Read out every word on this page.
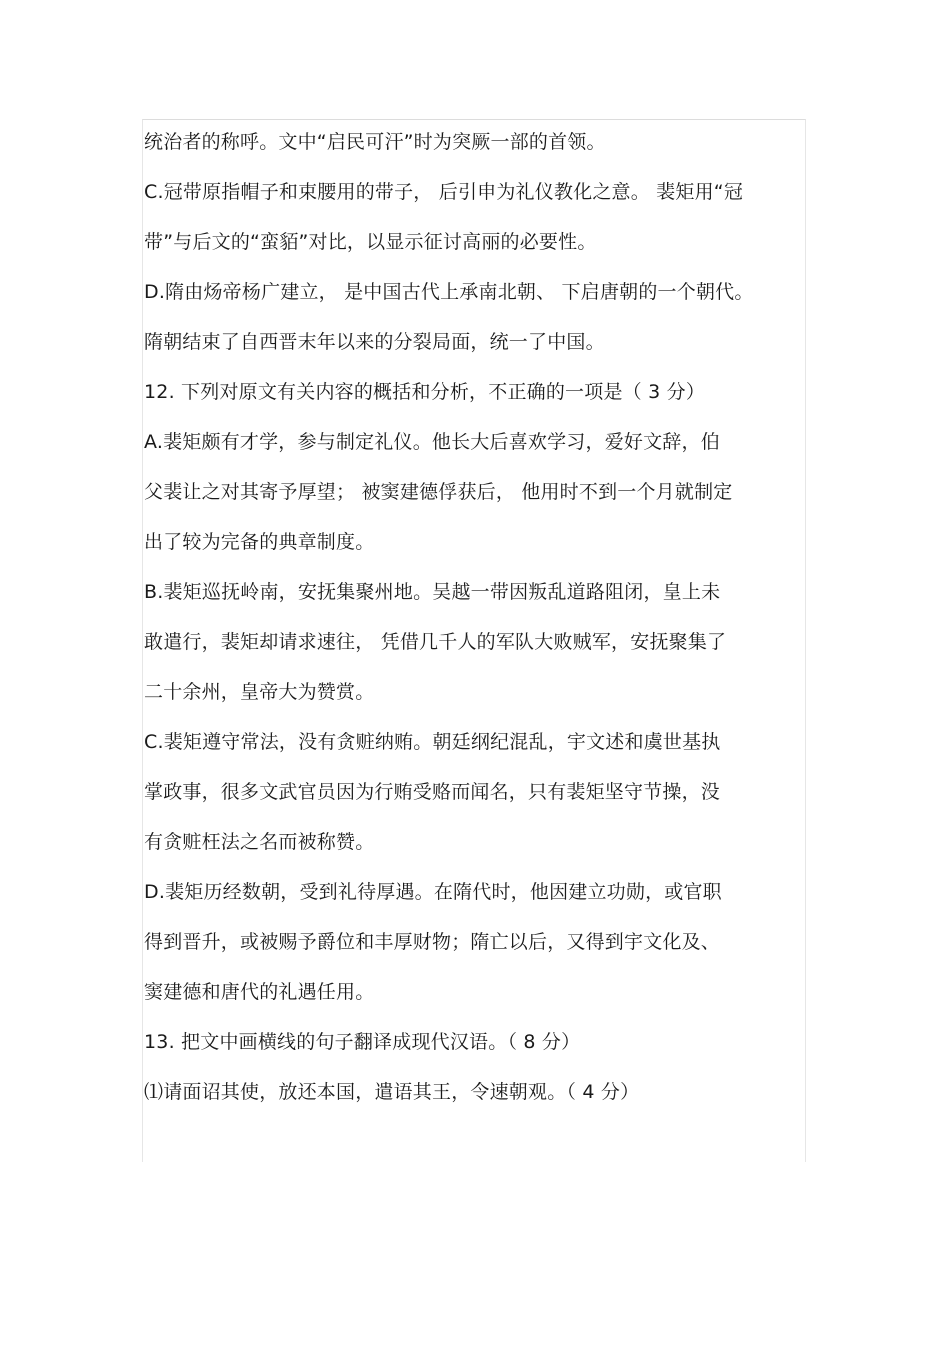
统治者的称呼。文中“启民可汗”时为突厥一部的首领。
C.冠带原指帽子和束腰用的带子， 后引申为礼仪教化之意。 裴矩用“冠
带”与后文的“蛮貊”对比，以显示征讨高丽的必要性。
D.隋由炀帝杨广建立， 是中国古代上承南北朝、 下启唐朝的一个朝代。
隋朝结束了自西晋末年以来的分裂局面，统一了中国。
12. 下列对原文有关内容的概括和分析，不正确的一项是（ 3 分）
A.裴矩颇有才学，参与制定礼仪。他长大后喜欢学习，爱好文辞，伯
父裴让之对其寄予厚望； 被窦建德俘获后， 他用时不到一个月就制定
出了较为完备的典章制度。
B.裴矩巡抚岭南，安抚集聚州地。吴越一带因叛乱道路阻闭，皇上未
敢遣行，裴矩却请求速往， 凭借几千人的军队大败贼军，安抚聚集了
二十余州，皇帝大为赞赏。
C.裴矩遵守常法，没有贪赃纳贿。朝廷纲纪混乱，宇文述和虞世基执
掌政事，很多文武官员因为行贿受赂而闻名，只有裴矩坚守节操，没
有贪赃枉法之名而被称赞。
D.裴矩历经数朝，受到礼待厚遇。在隋代时，他因建立功勋，或官职
得到晋升，或被赐予爵位和丰厚财物；隋亡以后，又得到宇文化及、
窦建德和唐代的礼遇任用。
13. 把文中画横线的句子翻译成现代汉语。（ 8 分）
⑴请面诏其使，放还本国，遣语其王，令速朝观。（ 4 分）
